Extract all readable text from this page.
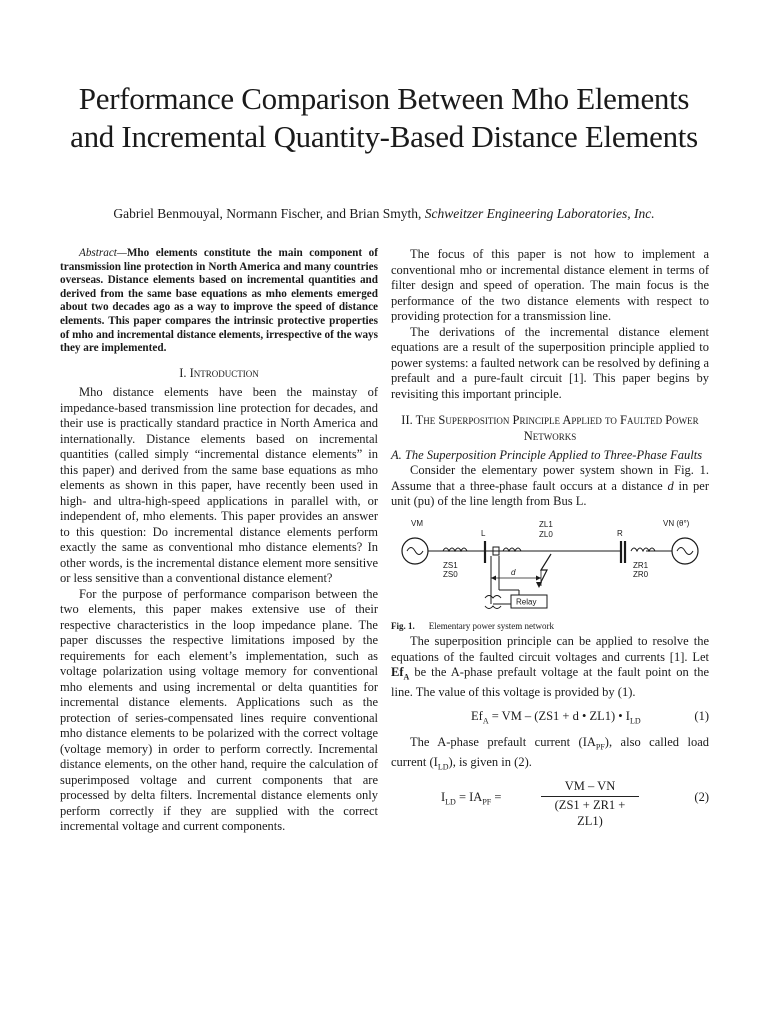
Performance Comparison Between Mho Elements and Incremental Quantity-Based Distance Elements
Gabriel Benmouyal, Normann Fischer, and Brian Smyth, Schweitzer Engineering Laboratories, Inc.

Abstract—Mho elements constitute the main component of transmission line protection in North America and many countries overseas. Distance elements based on incremental quantities and derived from the same base equations as mho elements emerged about two decades ago as a way to improve the speed of distance elements. This paper compares the intrinsic protective properties of mho and incremental distance elements, irrespective of the ways they are implemented.

I. Introduction

Mho distance elements have been the mainstay of impedance-based transmission line protection for decades, and their use is practically standard practice in North America and internationally. Distance elements based on incremental quantities (called simply “incremental distance elements” in this paper) and derived from the same base equations as mho elements as shown in this paper, have recently been used in high- and ultra-high-speed applications in parallel with, or independent of, mho elements. This paper provides an answer to this question: Do incremental distance elements perform exactly the same as conventional mho distance elements? In other words, is the incremental distance element more sensitive or less sensitive than a conventional distance element?

For the purpose of performance comparison between the two elements, this paper makes extensive use of their respective characteristics in the loop impedance plane. The paper discusses the respective limitations imposed by the requirements for each element’s implementation, such as voltage polarization using voltage memory for conventional mho elements and using incremental or delta quantities for incremental distance elements. Applications such as the protection of series-compensated lines require conventional mho distance elements to be polarized with the correct voltage (voltage memory) in order to perform correctly. Incremental distance elements, on the other hand, require the calculation of superimposed voltage and current components that are processed by delta filters. Incremental distance elements only perform correctly if they are supplied with the correct incremental voltage and current components.

The focus of this paper is not how to implement a conventional mho or incremental distance element in terms of filter design and speed of operation. The main focus is the performance of the two distance elements with respect to providing protection for a transmission line.

The derivations of the incremental distance element equations are a result of the superposition principle applied to power systems: a faulted network can be resolved by defining a prefault and a pure-fault circuit [1]. This paper begins by revisiting this important principle.

II. The Superposition Principle Applied to Faulted Power Networks

A. The Superposition Principle Applied to Three-Phase Faults

Consider the elementary power system shown in Fig. 1. Assume that a three-phase fault occurs at a distance d in per unit (pu) of the line length from Bus L.

VM
ZS1
ZS0
L
ZL1
ZL0	R
ZR1
ZR0
VN (θ°)
d
Relay

Fig. 1. Elementary power system network

The superposition principle can be applied to resolve the equations of the faulted circuit voltages and currents [1]. Let $Ef_A$ be the A-phase prefault voltage at the fault point on the line. The value of this voltage is provided by (1).

$Ef_A$ = VM – (ZS1 + d • ZL1) • $I_{LD}$	(1)

The A-phase prefault current $(IA_{PF})$, also called load current $(I_{LD})$, is given in (2).

$I_{LD} = IA_{PF}$ =	$\frac{VM - VN}{(ZS1 + ZR1 + ZL1)}$	(2)
